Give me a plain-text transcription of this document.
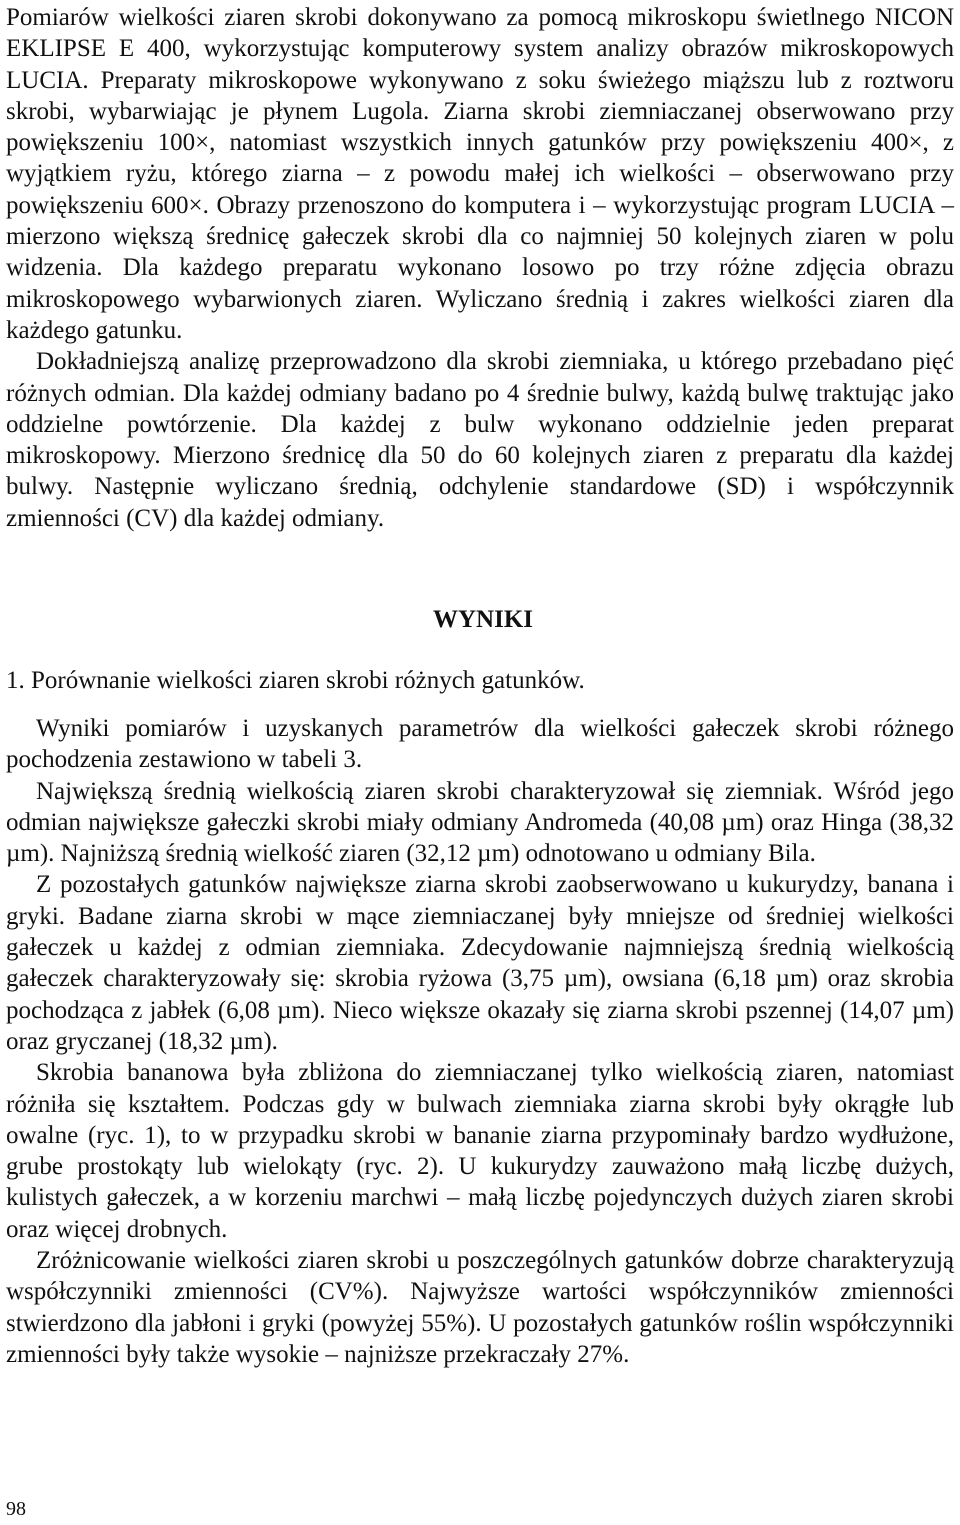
Pomiarów wielkości ziaren skrobi dokonywano za pomocą mikroskopu świetlnego NICON EKLIPSE E 400, wykorzystując komputerowy system analizy obrazów mikroskopowych LUCIA. Preparaty mikroskopowe wykonywano z soku świeżego miąższu lub z roztworu skrobi, wybarwiając je płynem Lugola. Ziarna skrobi ziemniaczanej obserwowano przy powiększeniu 100×, natomiast wszystkich innych gatunków przy powiększeniu 400×, z wyjątkiem ryżu, którego ziarna – z powodu małej ich wielkości – obserwowano przy powiększeniu 600×. Obrazy przenoszono do komputera i – wykorzystując program LUCIA – mierzono większą średnicę gałeczek skrobi dla co najmniej 50 kolejnych ziaren w polu widzenia. Dla każdego preparatu wykonano losowo po trzy różne zdjęcia obrazu mikroskopowego wybarwionych ziaren. Wyliczano średnią i zakres wielkości ziaren dla każdego gatunku.

Dokładniejszą analizę przeprowadzono dla skrobi ziemniaka, u którego przebadano pięć różnych odmian. Dla każdej odmiany badano po 4 średnie bulwy, każdą bulwę traktując jako oddzielne powtórzenie. Dla każdej z bulw wykonano oddzielnie jeden preparat mikroskopowy. Mierzono średnicę dla 50 do 60 kolejnych ziaren z preparatu dla każdej bulwy. Następnie wyliczano średnią, odchylenie standardowe (SD) i współczynnik zmienności (CV) dla każdej odmiany.

WYNIKI
1. Porównanie wielkości ziaren skrobi różnych gatunków.

Wyniki pomiarów i uzyskanych parametrów dla wielkości gałeczek skrobi różnego pochodzenia zestawiono w tabeli 3.

Największą średnią wielkością ziaren skrobi charakteryzował się ziemniak. Wśród jego odmian największe gałeczki skrobi miały odmiany Andromeda (40,08 µm) oraz Hinga (38,32 µm). Najniższą średnią wielkość ziaren (32,12 µm) odnotowano u odmiany Bila.

Z pozostałych gatunków największe ziarna skrobi zaobserwowano u kukurydzy, banana i gryki. Badane ziarna skrobi w mące ziemniaczanej były mniejsze od średniej wielkości gałeczek u każdej z odmian ziemniaka. Zdecydowanie najmniejszą średnią wielkością gałeczek charakteryzowały się: skrobia ryżowa (3,75 µm), owsiana (6,18 µm) oraz skrobia pochodząca z jabłek (6,08 µm). Nieco większe okazały się ziarna skrobi pszennej (14,07 µm) oraz gryczanej (18,32 µm).

Skrobia bananowa była zbliżona do ziemniaczanej tylko wielkością ziaren, natomiast różniła się kształtem. Podczas gdy w bulwach ziemniaka ziarna skrobi były okrągłe lub owalne (ryc. 1), to w przypadku skrobi w bananie ziarna przypominały bardzo wydłużone, grube prostokąty lub wielokąty (ryc. 2). U kukurydzy zauważono małą liczbę dużych, kulistych gałeczek, a w korzeniu marchwi – małą liczbę pojedynczych dużych ziaren skrobi oraz więcej drobnych.

Zróżnicowanie wielkości ziaren skrobi u poszczególnych gatunków dobrze charakteryzują współczynniki zmienności (CV%). Najwyższe wartości współczynników zmienności stwierdzono dla jabłoni i gryki (powyżej 55%). U pozostałych gatunków roślin współczynniki zmienności były także wysokie – najniższe przekraczały 27%.

98
